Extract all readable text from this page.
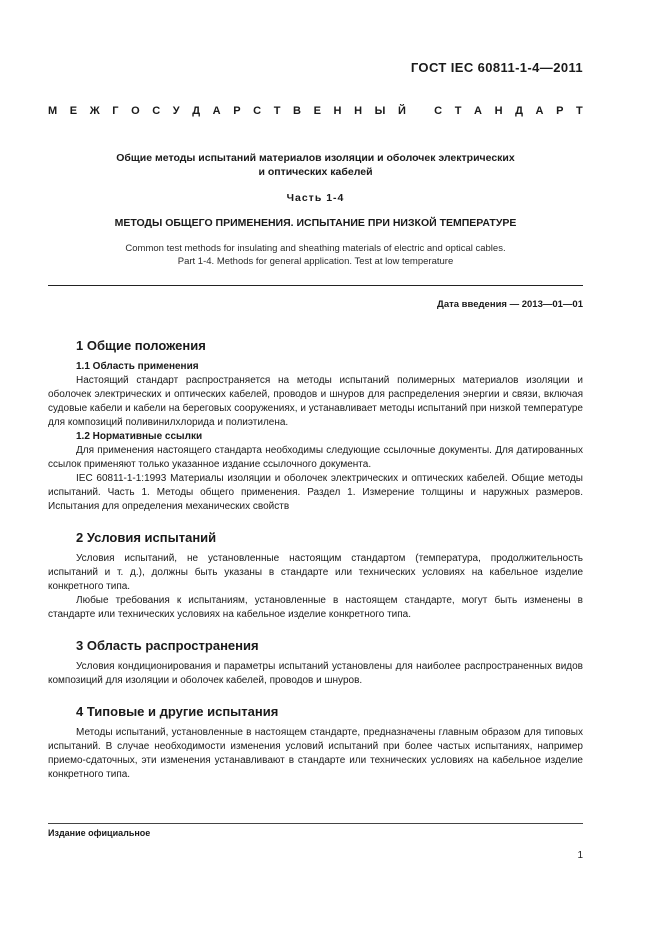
ГОСТ IEC 60811-1-4—2011
М Е Ж Г О С У Д А Р С Т В Е Н Н Ы Й
	С Т А Н Д А Р Т
Общие методы испытаний материалов изоляции и оболочек электрических
и оптических кабелей
Часть 1-4
МЕТОДЫ ОБЩЕГО ПРИМЕНЕНИЯ. ИСПЫТАНИЕ ПРИ НИЗКОЙ ТЕМПЕРАТУРЕ
Common test methods for insulating and sheathing materials of electric and optical cables.
Part 1-4. Methods for general application. Test at low temperature
Дата введения — 2013—01—01
1 Общие положения
1.1 Область применения

Настоящий стандарт распространяется на методы испытаний полимерных материалов изоляции и оболочек электрических и оптических кабелей, проводов и шнуров для распределения энергии и связи, включая судовые кабели и кабели на береговых сооружениях, и устанавливает методы испытаний при низкой температуре для композиций поливинилхлорида и полиэтилена.

1.2 Нормативные ссылки

Для применения настоящего стандарта необходимы следующие ссылочные документы. Для датированных ссылок применяют только указанное издание ссылочного документа.

IEC 60811-1-1:1993 Материалы изоляции и оболочек электрических и оптических кабелей. Общие методы испытаний. Часть 1. Методы общего применения. Раздел 1. Измерение толщины и наружных размеров. Испытания для определения механических свойств

2 Условия испытаний

Условия испытаний, не установленные настоящим стандартом (температура, продолжительность испытаний и т. д.), должны быть указаны в стандарте или технических условиях на кабельное изделие конкретного типа.

Любые требования к испытаниям, установленные в настоящем стандарте, могут быть изменены в стандарте или технических условиях на кабельное изделие конкретного типа.

3 Область распространения

Условия кондиционирования и параметры испытаний установлены для наиболее распространенных видов композиций для изоляции и оболочек кабелей, проводов и шнуров.

4 Типовые и другие испытания

Методы испытаний, установленные в настоящем стандарте, предназначены главным образом для типовых испытаний. В случае необходимости изменения условий испытаний при более частых испытаниях, например приемо-сдаточных, эти изменения устанавливают в стандарте или технических условиях на кабельное изделие конкретного типа.

Издание официальное
1
